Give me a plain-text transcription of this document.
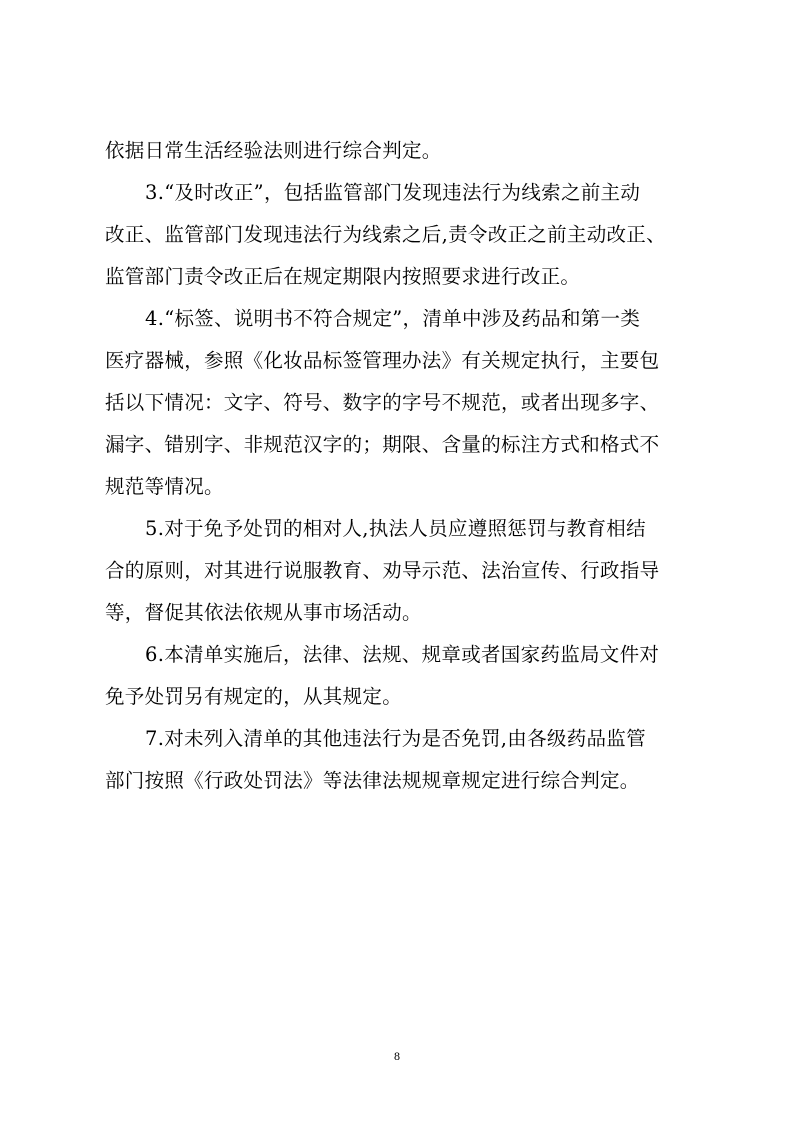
依据日常生活经验法则进行综合判定。
3.“及时改正”，包括监管部门发现违法行为线索之前主动
改正、监管部门发现违法行为线索之后,责令改正之前主动改正、
监管部门责令改正后在规定期限内按照要求进行改正。
4.“标签、说明书不符合规定”，清单中涉及药品和第一类
医疗器械，参照《化妆品标签管理办法》有关规定执行，主要包
括以下情况：文字、符号、数字的字号不规范，或者出现多字、
漏字、错别字、非规范汉字的；期限、含量的标注方式和格式不
规范等情况。
5.对于免予处罚的相对人,执法人员应遵照惩罚与教育相结
合的原则，对其进行说服教育、劝导示范、法治宣传、行政指导
等，督促其依法依规从事市场活动。
6.本清单实施后，法律、法规、规章或者国家药监局文件对
免予处罚另有规定的，从其规定。
7.对未列入清单的其他违法行为是否免罚,由各级药品监管
部门按照《行政处罚法》等法律法规规章规定进行综合判定。
8
